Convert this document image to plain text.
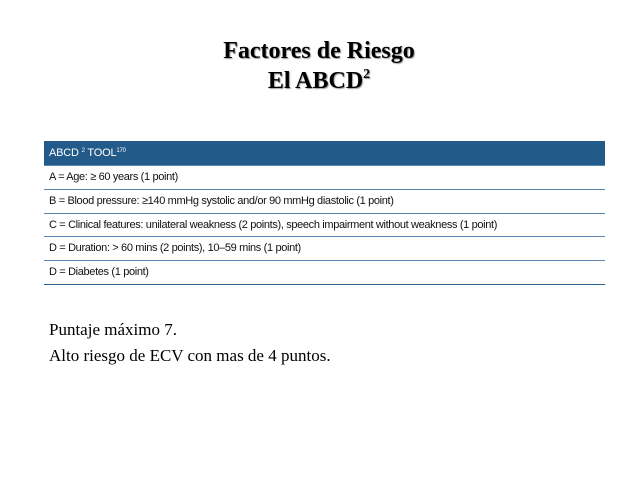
Factores de Riesgo
El ABCD$^2$
ABCD $^2$ TOOL$^{170}$
A = Age: ≥ 60 years (1 point)
B = Blood pressure: ≥140 mmHg systolic and/or 90 mmHg diastolic (1 point)
C = Clinical features: unilateral weakness (2 points), speech impairment without weakness (1 point)
D = Duration: > 60 mins (2 points), 10–59 mins (1 point)
D = Diabetes (1 point)
Puntaje máximo 7.
Alto riesgo de ECV con mas de 4 puntos.
